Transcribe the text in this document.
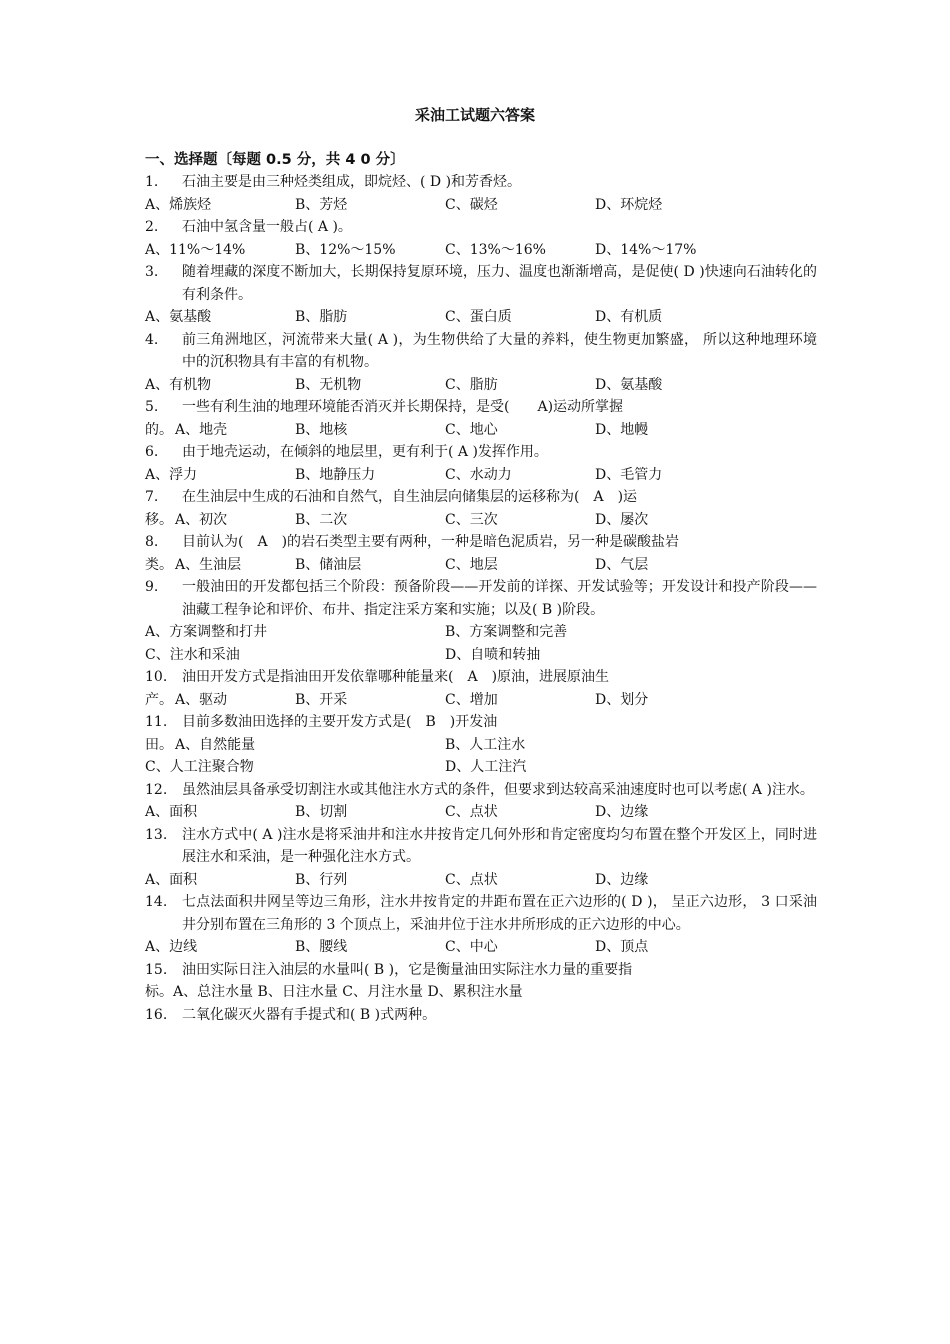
采油工试题六答案
一、选择题〔每题 0.5 分，共 4 0 分〕
1.	石油主要是由三种烃类组成，即烷烃、( D )和芳香烃。
A、烯族烃	B、芳烃	C、碳烃	D、环烷烃
2.	石油中氢含量一般占( A )。
A、11%～14%	B、12%～15%	C、13%～16%	D、14%～17%
3.	随着埋藏的深度不断加大，长期保持复原环境，压力、温度也渐渐增高，是促使( D )快速向石油转化的有利条件。
A、氨基酸	B、脂肪	C、蛋白质	D、有机质
4.	前三角洲地区，河流带来大量( A )，为生物供给了大量的养料，使生物更加繁盛， 所以这种地理环境中的沉积物具有丰富的有机物。
A、有机物	B、无机物	C、脂肪	D、氨基酸
5.	一些有利生油的地理环境能否消灭并长期保持，是受(　　A)运动所掌握
的。 A、地壳	B、地核	C、地心	D、地幔
6.	由于地壳运动，在倾斜的地层里，更有利于( A )发挥作用。
A、浮力	B、地静压力	C、水动力	D、毛管力
7.	在生油层中生成的石油和自然气，自生油层向储集层的运移称为(　A　)运
移。 A、初次	B、二次	C、三次	D、屡次
8.	目前认为(　A　)的岩石类型主要有两种，一种是暗色泥质岩，另一种是碳酸盐岩
类。 A、生油层	B、储油层	C、地层	D、气层
9.	一般油田的开发都包括三个阶段：预备阶段——开发前的详探、开发试验等；开发设计和投产阶段——油藏工程争论和评价、布井、指定注采方案和实施；以及( B )阶段。
A、方案调整和打井	B、方案调整和完善
C、注水和采油	D、自喷和转抽
10.	油田开发方式是指油田开发依靠哪种能量来(　A　)原油，进展原油生
产。 A、驱动	B、开采	C、增加	D、划分
11.	目前多数油田选择的主要开发方式是(　B　)开发油
田。 A、自然能量	B、人工注水
C、人工注聚合物	D、人工注汽
12.	虽然油层具备承受切割注水或其他注水方式的条件，但要求到达较高采油速度时也可以考虑( A )注水。
A、面积	B、切割	C、点状	D、边缘
13.	注水方式中( A )注水是将采油井和注水井按肯定几何外形和肯定密度均匀布置在整个开发区上，同时进展注水和采油，是一种强化注水方式。
A、面积	B、行列	C、点状	D、边缘
14.	七点法面积井网呈等边三角形，注水井按肯定的井距布置在正六边形的( D )， 呈正六边形， 3 口采油井分别布置在三角形的 3 个顶点上，采油井位于注水井所形成的正六边形的中心。
A、边线	B、腰线	C、中心	D、顶点
15.	油田实际日注入油层的水量叫( B )，它是衡量油田实际注水力量的重要指
标。A、总注水量 B、日注水量 C、月注水量 D、累积注水量
16.	二氧化碳灭火器有手提式和( B )式两种。
